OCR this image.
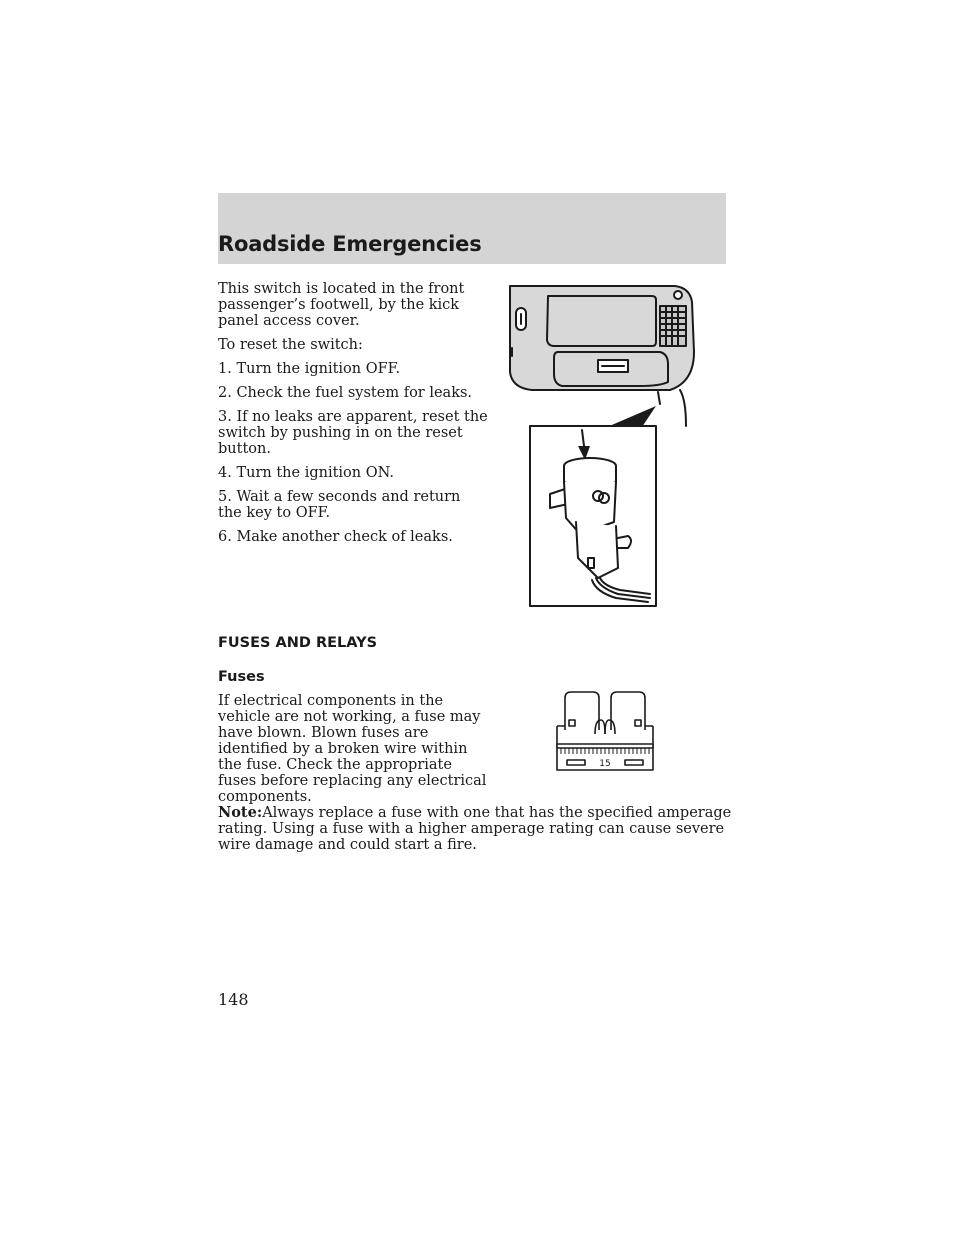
Roadside Emergencies

This switch is located in the front passenger’s footwell, by the kick panel access cover.

To reset the switch:

1. Turn the ignition OFF.

2. Check the fuel system for leaks.

3. If no leaks are apparent, reset the switch by pushing in on the reset button.

4. Turn the ignition ON.

5. Wait a few seconds and return the key to OFF.

6. Make another check of leaks.

FUSES AND RELAYS
Fuses

If electrical components in the vehicle are not working, a fuse may have blown. Blown fuses are identified by a broken wire within the fuse. Check the appropriate fuses before replacing any electrical components.

15

Note:Always replace a fuse with one that has the specified amperage rating. Using a fuse with a higher amperage rating can cause severe wire damage and could start a fire.

148
